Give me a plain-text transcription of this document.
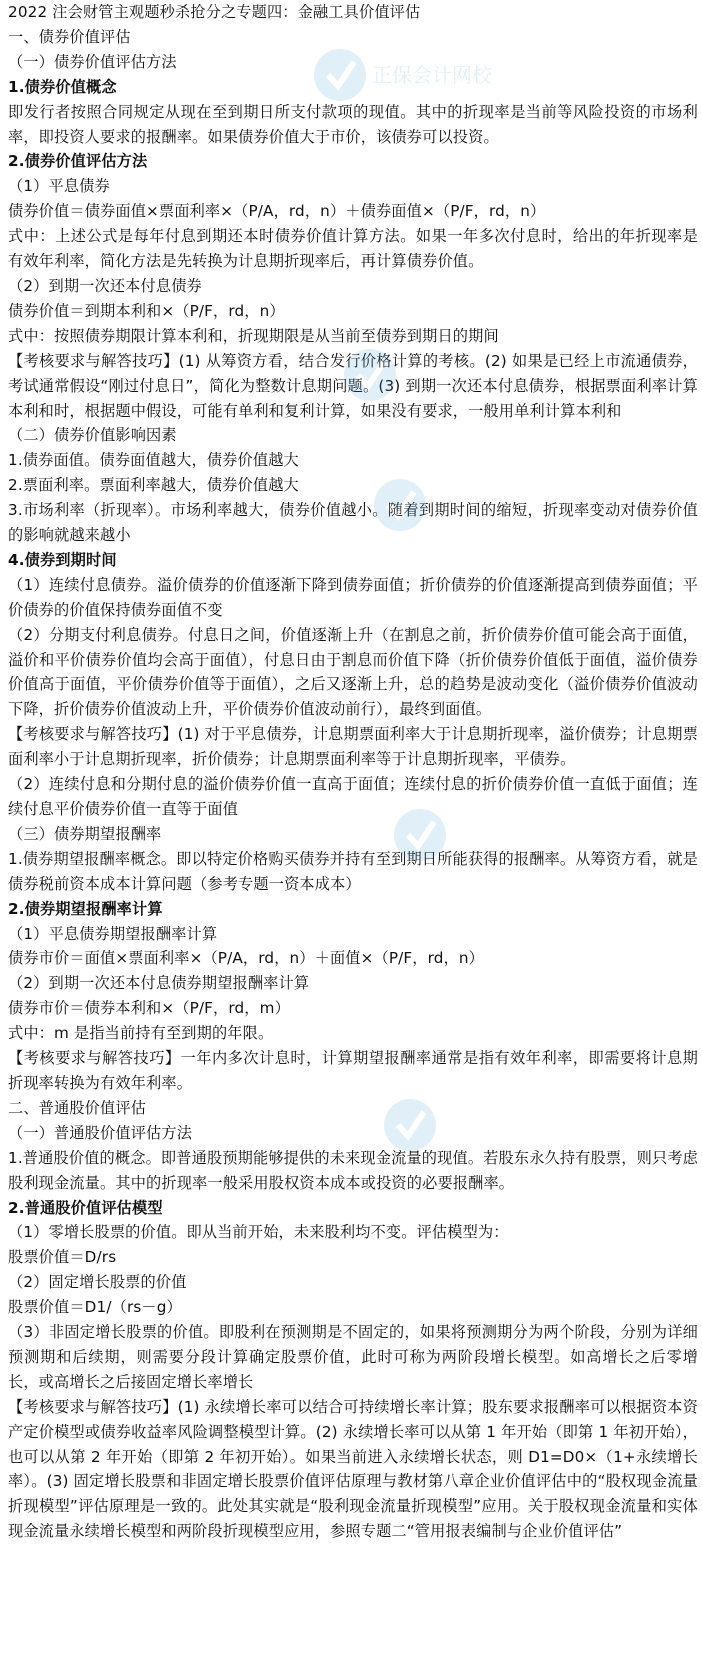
2022 注会财管主观题秒杀抢分之专题四：金融工具价值评估
一、债券价值评估
（一）债券价值评估方法
1.债券价值概念
即发行者按照合同规定从现在至到期日所支付款项的现值。其中的折现率是当前等风险投资的市场利率，即投资人要求的报酬率。如果债券价值大于市价，该债券可以投资。
2.债券价值评估方法
（1）平息债券
债券价值＝债券面值×票面利率×（P/A，rd，n）＋债券面值×（P/F，rd，n）
式中：上述公式是每年付息到期还本时债券价值计算方法。如果一年多次付息时，给出的年折现率是有效年利率，简化方法是先转换为计息期折现率后，再计算债券价值。
（2）到期一次还本付息债券
债券价值＝到期本利和×（P/F，rd，n）
式中：按照债券期限计算本利和，折现期限是从当前至债券到期日的期间
【考核要求与解答技巧】(1) 从筹资方看，结合发行价格计算的考核。(2) 如果是已经上市流通债券，考试通常假设“刚过付息日”，简化为整数计息期问题。(3) 到期一次还本付息债券，根据票面利率计算本利和时，根据题中假设，可能有单利和复利计算，如果没有要求，一般用单利计算本利和
（二）债券价值影响因素
1.债券面值。债券面值越大，债券价值越大
2.票面利率。票面利率越大，债券价值越大
3.市场利率（折现率）。市场利率越大，债券价值越小。随着到期时间的缩短，折现率变动对债券价值的影响就越来越小
4.债券到期时间
（1）连续付息债券。溢价债券的价值逐渐下降到债券面值；折价债券的价值逐渐提高到债券面值；平价债券的价值保持债券面值不变
（2）分期支付利息债券。付息日之间，价值逐渐上升（在割息之前，折价债券价值可能会高于面值，溢价和平价债券价值均会高于面值），付息日由于割息而价值下降（折价债券价值低于面值，溢价债券价值高于面值，平价债券价值等于面值），之后又逐渐上升，总的趋势是波动变化（溢价债券价值波动下降，折价债券价值波动上升，平价债券价值波动前行），最终到面值。
【考核要求与解答技巧】(1) 对于平息债券，计息期票面利率大于计息期折现率，溢价债券；计息期票面利率小于计息期折现率，折价债券；计息期票面利率等于计息期折现率，平债券。
（2）连续付息和分期付息的溢价债券价值一直高于面值；连续付息的折价债券价值一直低于面值；连续付息平价债券价值一直等于面值
（三）债券期望报酬率
1.债券期望报酬率概念。即以特定价格购买债券并持有至到期日所能获得的报酬率。从筹资方看，就是债券税前资本成本计算问题（参考专题一资本成本）
2.债券期望报酬率计算
（1）平息债券期望报酬率计算
债券市价＝面值×票面利率×（P/A，rd，n）＋面值×（P/F，rd，n）
（2）到期一次还本付息债券期望报酬率计算
债券市价＝债券本利和×（P/F，rd，m）
式中：m 是指当前持有至到期的年限。
【考核要求与解答技巧】一年内多次计息时，计算期望报酬率通常是指有效年利率，即需要将计息期折现率转换为有效年利率。
二、普通股价值评估
（一）普通股价值评估方法
1.普通股价值的概念。即普通股预期能够提供的未来现金流量的现值。若股东永久持有股票，则只考虑股利现金流量。其中的折现率一般采用股权资本成本或投资的必要报酬率。
2.普通股价值评估模型
（1）零增长股票的价值。即从当前开始，未来股利均不变。评估模型为：
股票价值＝D/rs
（2）固定增长股票的价值
股票价值＝D1/（rs－g）
（3）非固定增长股票的价值。即股利在预测期是不固定的，如果将预测期分为两个阶段，分别为详细预测期和后续期，则需要分段计算确定股票价值，此时可称为两阶段增长模型。如高增长之后零增长，或高增长之后接固定增长率增长
【考核要求与解答技巧】(1) 永续增长率可以结合可持续增长率计算；股东要求报酬率可以根据资本资产定价模型或债券收益率风险调整模型计算。(2) 永续增长率可以从第 1 年开始（即第 1 年初开始），也可以从第 2 年开始（即第 2 年初开始）。如果当前进入永续增长状态，则 D1=D0×（1+永续增长率）。(3) 固定增长股票和非固定增长股票价值评估原理与教材第八章企业价值评估中的“股权现金流量折现模型”评估原理是一致的。此处其实就是“股利现金流量折现模型”应用。关于股权现金流量和实体现金流量永续增长模型和两阶段折现模型应用，参照专题二“管用报表编制与企业价值评估”
正保会计网校
